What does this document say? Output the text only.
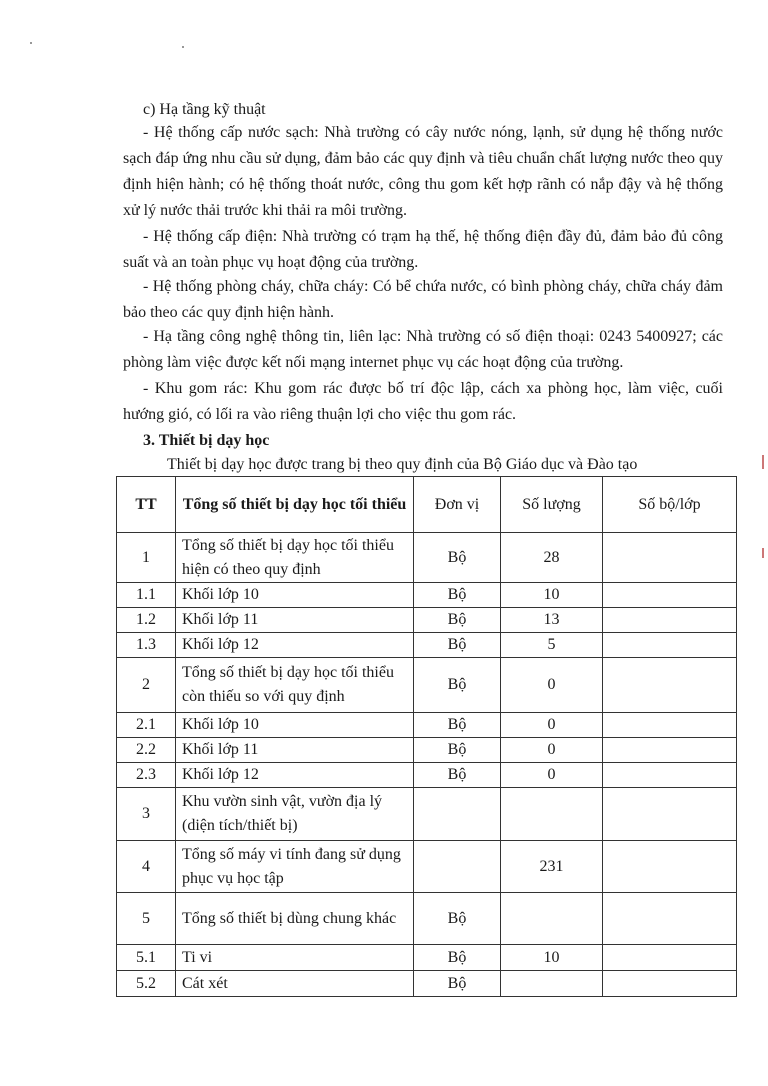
c) Hạ tầng kỹ thuật
- Hệ thống cấp nước sạch: Nhà trường có cây nước nóng, lạnh, sử dụng hệ thống nước sạch đáp ứng nhu cầu sử dụng, đảm bảo các quy định và tiêu chuẩn chất lượng nước theo quy định hiện hành; có hệ thống thoát nước, công thu gom kết hợp rãnh có nắp đậy và hệ thống xử lý nước thải trước khi thải ra môi trường.
- Hệ thống cấp điện: Nhà trường có trạm hạ thế, hệ thống điện đầy đủ, đảm bảo đủ công suất và an toàn phục vụ hoạt động của trường.
- Hệ thống phòng cháy, chữa cháy: Có bể chứa nước, có bình phòng cháy, chữa cháy đảm bảo theo các quy định hiện hành.
- Hạ tầng công nghệ thông tin, liên lạc: Nhà trường có số điện thoại: 0243 5400927; các phòng làm việc được kết nối mạng internet phục vụ các hoạt động của trường.
- Khu gom rác: Khu gom rác được bố trí độc lập, cách xa phòng học, làm việc, cuối hướng gió, có lối ra vào riêng thuận lợi cho việc thu gom rác.
3. Thiết bị dạy học
Thiết bị dạy học được trang bị theo quy định của Bộ Giáo dục và Đào tạo
TT	Tổng số thiết bị dạy học tối thiểu	Đơn vị	Số lượng	Số bộ/lớp
1	Tổng số thiết bị dạy học tối thiểu hiện có theo quy định	Bộ	28	
1.1	Khối lớp 10	Bộ	10	
1.2	Khối lớp 11	Bộ	13	
1.3	Khối lớp 12	Bộ	5	
2	Tổng số thiết bị dạy học tối thiểu còn thiếu so với quy định	Bộ	0	
2.1	Khối lớp 10	Bộ	0	
2.2	Khối lớp 11	Bộ	0	
2.3	Khối lớp 12	Bộ	0	
3	Khu vườn sinh vật, vườn địa lý (diện tích/thiết bị)			
4	Tổng số máy vi tính đang sử dụng phục vụ học tập		231	
5	Tổng số thiết bị dùng chung khác	Bộ		
5.1	Ti vi	Bộ	10	
5.2	Cát xét	Bộ		
